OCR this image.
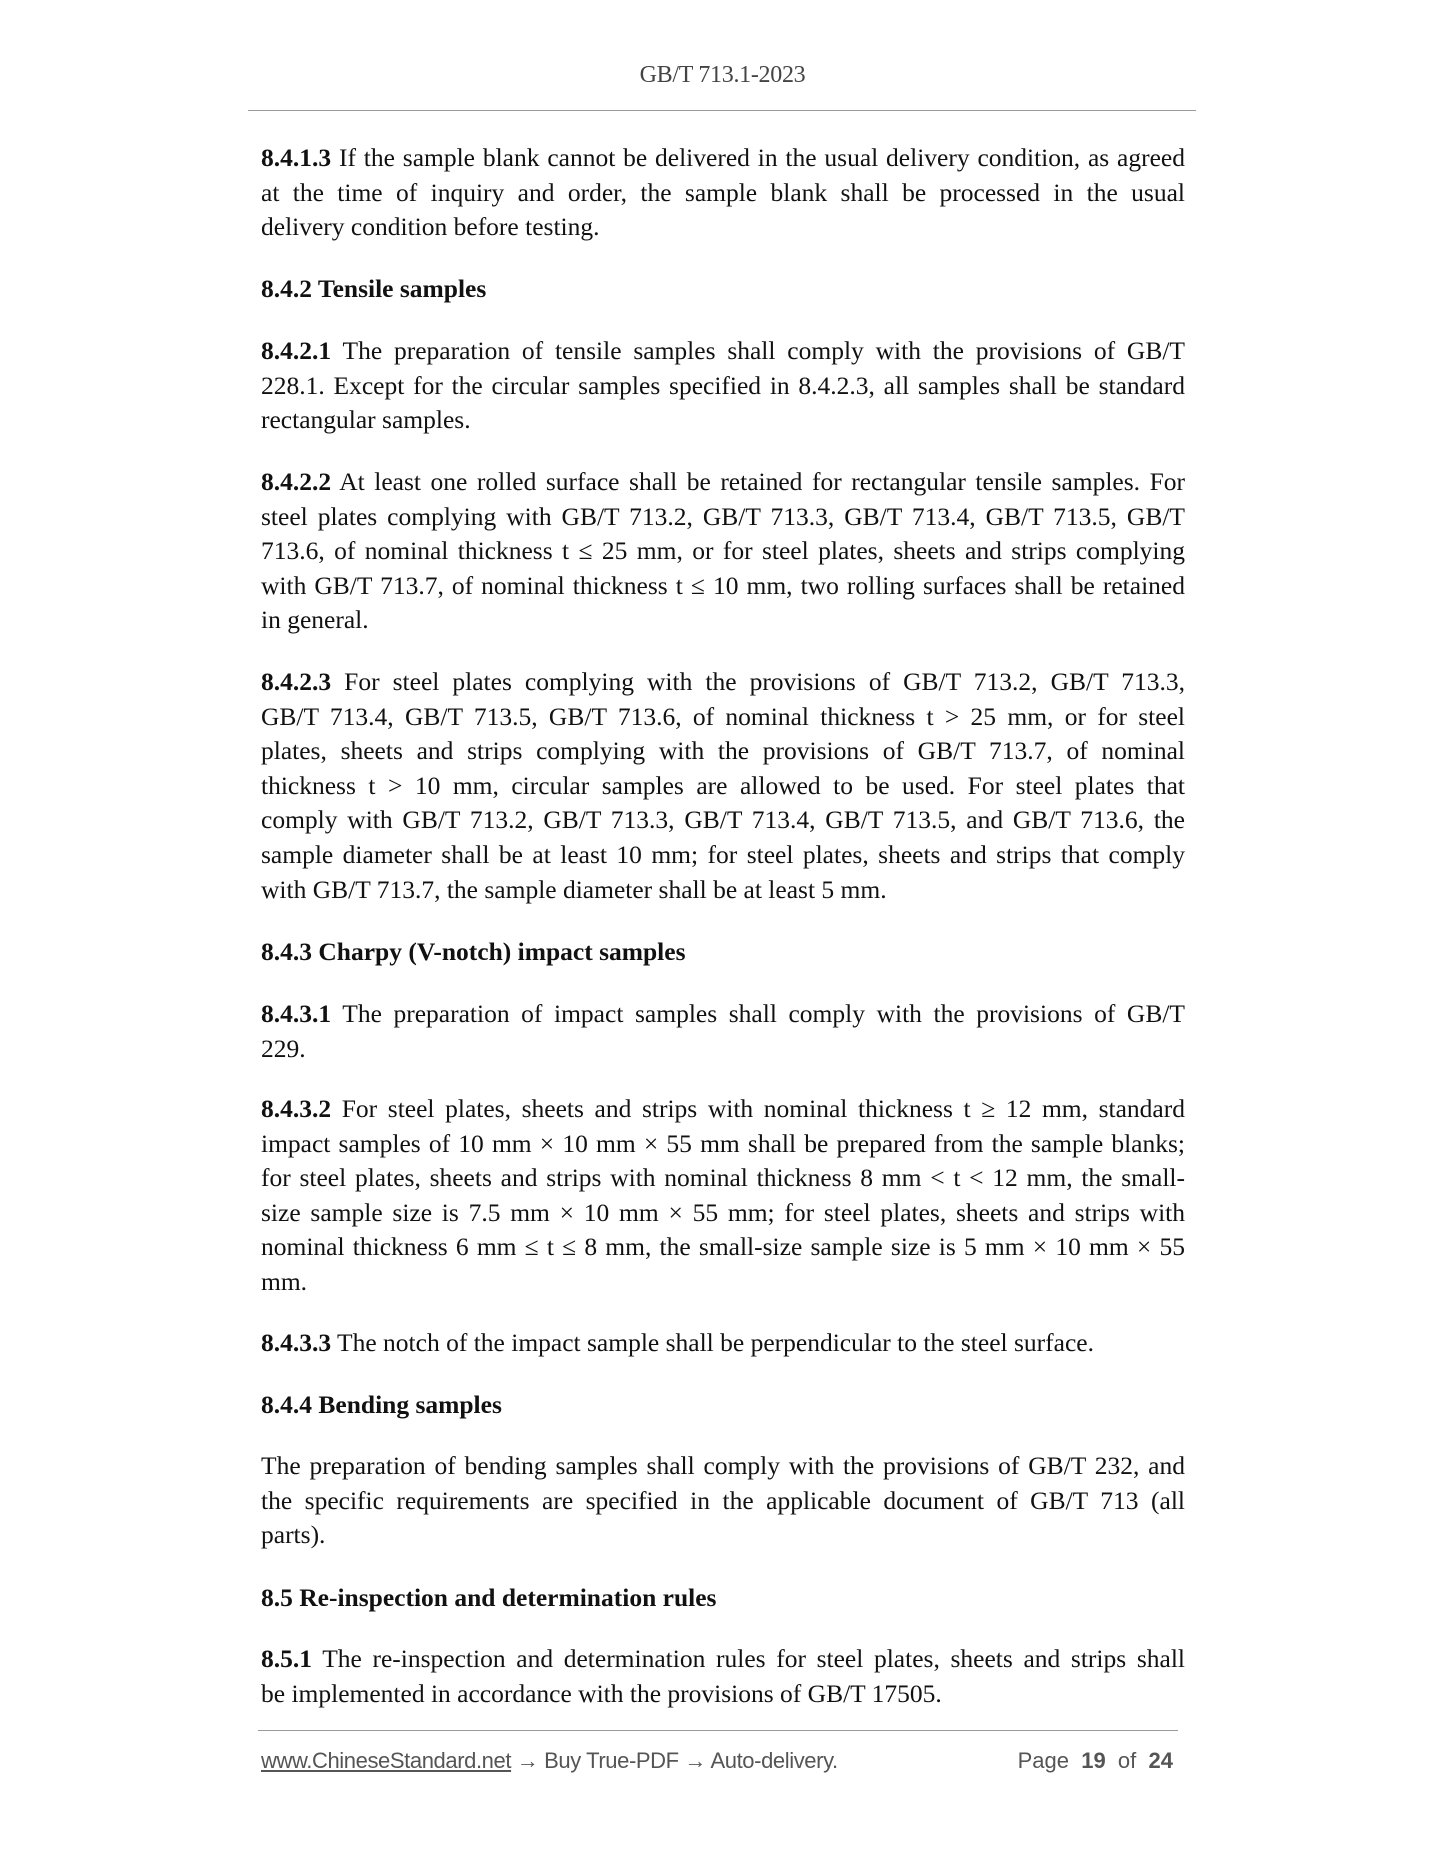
GB/T 713.1-2023
8.4.1.3 If the sample blank cannot be delivered in the usual delivery condition, as agreed
at the time of inquiry and order, the sample blank shall be processed in the usual
delivery condition before testing.
8.4.2 Tensile samples
8.4.2.1 The preparation of tensile samples shall comply with the provisions of GB/T
228.1. Except for the circular samples specified in 8.4.2.3, all samples shall be standard
rectangular samples.
8.4.2.2 At least one rolled surface shall be retained for rectangular tensile samples. For
steel plates complying with GB/T 713.2, GB/T 713.3, GB/T 713.4, GB/T 713.5, GB/T
713.6, of nominal thickness t ≤ 25 mm, or for steel plates, sheets and strips complying
with GB/T 713.7, of nominal thickness t ≤ 10 mm, two rolling surfaces shall be retained
in general.
8.4.2.3 For steel plates complying with the provisions of GB/T 713.2, GB/T 713.3,
GB/T 713.4, GB/T 713.5, GB/T 713.6, of nominal thickness t > 25 mm, or for steel
plates, sheets and strips complying with the provisions of GB/T 713.7, of nominal
thickness t > 10 mm, circular samples are allowed to be used. For steel plates that
comply with GB/T 713.2, GB/T 713.3, GB/T 713.4, GB/T 713.5, and GB/T 713.6, the
sample diameter shall be at least 10 mm; for steel plates, sheets and strips that comply
with GB/T 713.7, the sample diameter shall be at least 5 mm.
8.4.3 Charpy (V-notch) impact samples
8.4.3.1 The preparation of impact samples shall comply with the provisions of GB/T
229.
8.4.3.2 For steel plates, sheets and strips with nominal thickness t ≥ 12 mm, standard
impact samples of 10 mm × 10 mm × 55 mm shall be prepared from the sample blanks;
for steel plates, sheets and strips with nominal thickness 8 mm < t < 12 mm, the small-
size sample size is 7.5 mm × 10 mm × 55 mm; for steel plates, sheets and strips with
nominal thickness 6 mm ≤ t ≤ 8 mm, the small-size sample size is 5 mm × 10 mm × 55
mm.
8.4.3.3 The notch of the impact sample shall be perpendicular to the steel surface.
8.4.4 Bending samples
The preparation of bending samples shall comply with the provisions of GB/T 232, and
the specific requirements are specified in the applicable document of GB/T 713 (all
parts).
8.5 Re-inspection and determination rules
8.5.1 The re-inspection and determination rules for steel plates, sheets and strips shall
be implemented in accordance with the provisions of GB/T 17505.
www.ChineseStandard.net → Buy True-PDF → Auto-delivery.	Page 19 of 24
